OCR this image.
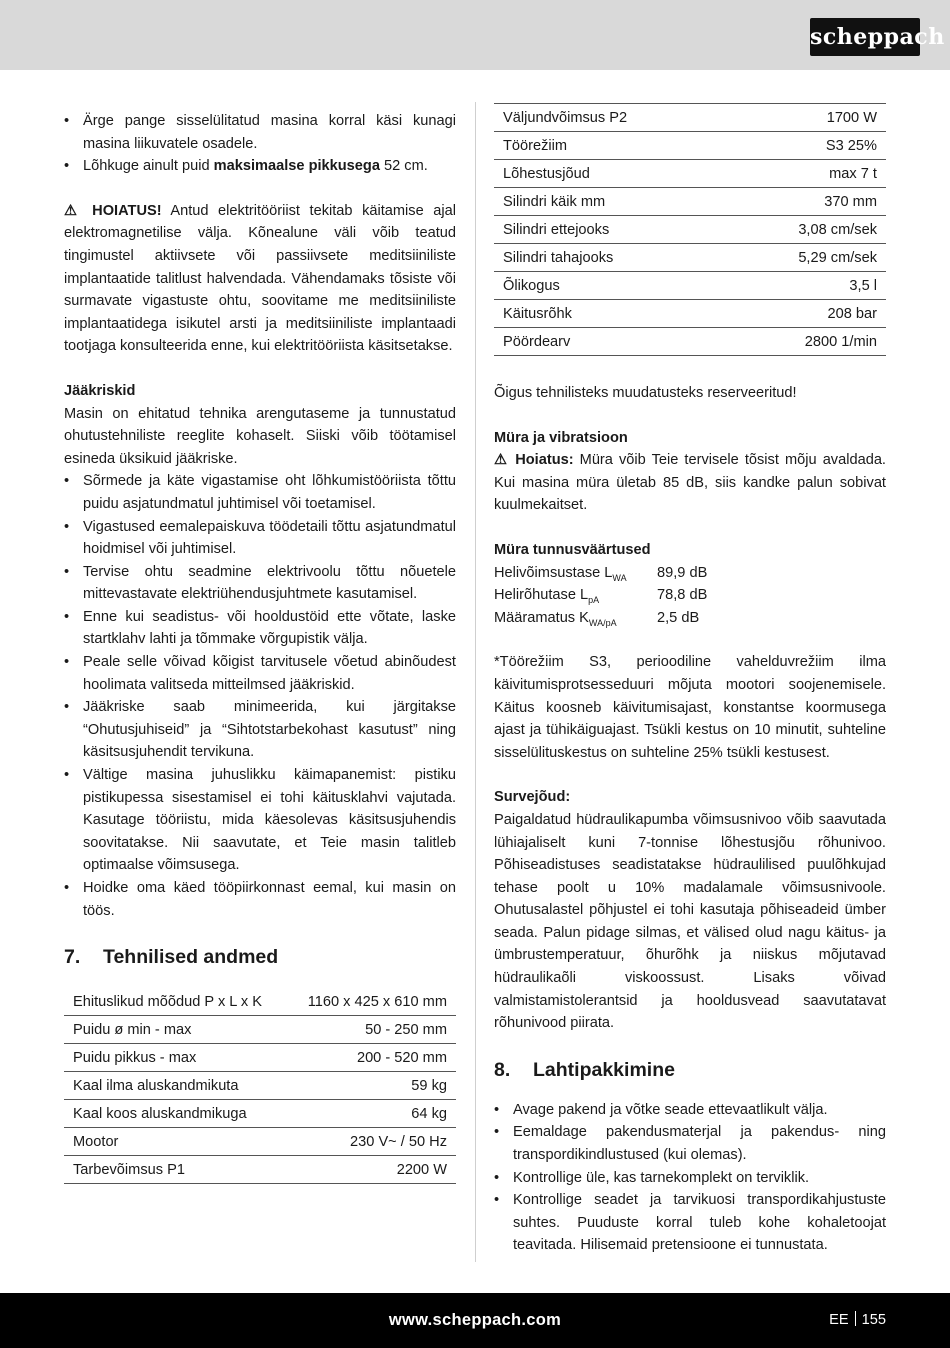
scheppach
• Ärge pange sisselülitatud masina korral käsi kunagi masina liikuvatele osadele.
• Lõhkuge ainult puid maksimaalse pikkusega 52 cm.

⚠ HOIATUS! Antud elektritööriist tekitab käitamise ajal elektromagnetilise välja. Kõnealune väli võib teatud tingimustel aktiivsete või passiivsete meditsiiniliste implantaatide talitlust halvendada. Vähendamaks tõsiste või surmavate vigastuste ohtu, soovitame me meditsiiniliste implantaatidega isikutel arsti ja meditsiiniliste implantaadi tootjaga konsulteerida enne, kui elektritööriista käsitsetakse.

Jääkriskid

Masin on ehitatud tehnika arengutaseme ja tunnustatud ohutustehniliste reeglite kohaselt. Siiski võib töötamisel esineda üksikuid jääkriske.

• Sõrmede ja käte vigastamise oht lõhkumistööriista tõttu puidu asjatundmatul juhtimisel või toetamisel.
• Vigastused eemalepaiskuva töödetaili tõttu asjatundmatul hoidmisel või juhtimisel.
• Tervise ohtu seadmine elektrivoolu tõttu nõuetele mittevastavate elektriühendusjuhtmete kasutamisel.
• Enne kui seadistus- või hooldustöid ette võtate, laske startklahv lahti ja tõmmake võrgupistik välja.
• Peale selle võivad kõigist tarvitusele võetud abinõudest hoolimata valitseda mitteilmsed jääkriskid.
• Jääkriske saab minimeerida, kui järgitakse “Ohutusjuhiseid” ja “Sihtotstarbekohast kasutust” ning käsitsusjuhendit tervikuna.
• Vältige masina juhuslikku käimapanemist: pistiku pistikupessa sisestamisel ei tohi käitusklahvi vajutada. Kasutage tööriistu, mida käesolevas käsitsusjuhendis soovitatakse. Nii saavutate, et Teie masin talitleb optimaalse võimsusega.
• Hoidke oma käed tööpiirkonnast eemal, kui masin on töös.
7. Tehnilised andmed
Ehituslikud mõõdud P x L x K	1160 x 425 x 610 mm
Puidu ø min - max	50 - 250 mm
Puidu pikkus - max	200 - 520 mm
Kaal ilma aluskandmikuta	59 kg
Kaal koos aluskandmikuga	64 kg
Mootor	230 V~ / 50 Hz
Tarbevõimsus P1	2200 W
Väljundvõimsus P2	1700 W
Töörežiim	S3 25%
Lõhestusjõud	max 7 t
Silindri käik mm	370 mm
Silindri ettejooks	3,08 cm/sek
Silindri tahajooks	5,29 cm/sek
Õlikogus	3,5 l
Käitusrõhk	208 bar
Pöördearv	2800 1/min

Õigus tehnilisteks muudatusteks reserveeritud!

Müra ja vibratsioon

⚠ Hoiatus: Müra võib Teie tervisele tõsist mõju avaldada. Kui masina müra ületab 85 dB, siis kandke palun sobivat kuulmekaitset.

Müra tunnusväärtused
Helivõimsustase $L_{WA}$	89,9 dB
Helirõhutase $L_{pA}$	78,8 dB
Määramatus $K_{WA/pA}$	2,5 dB

*Töörežiim S3, perioodiline vahelduvrežiim ilma käivitumisprotsesseduuri mõjuta mootori soojenemisele. Käitus koosneb käivitumisajast, konstantse koormusega ajast ja tühikäiguajast. Tsükli kestus on 10 minutit, suhteline sisselülituskestus on suhteline 25% tsükli kestusest.

Survejõud:

Paigaldatud hüdraulikapumba võimsusnivoo võib saavutada lühiajaliselt kuni 7-tonnise lõhestusjõu rõhunivoo. Põhiseadistuses seadistatakse hüdraulilised puulõhkujad tehase poolt u 10% madalamale võimsusnivoole. Ohutusalastel põhjustel ei tohi kasutaja põhiseadeid ümber seada. Palun pidage silmas, et välised olud nagu käitus- ja ümbrustemperatuur, õhurõhk ja niiskus mõjutavad hüdraulikaõli viskoossust. Lisaks võivad valmistamistolerantsid ja hooldusvead saavutatavat rõhunivood piirata.

8. Lahtipakkimine
• Avage pakend ja võtke seade ettevaatlikult välja.
• Eemaldage pakendusmaterjal ja pakendus- ning transpordikindlustused (kui olemas).
• Kontrollige üle, kas tarnekomplekt on terviklik.
• Kontrollige seadet ja tarvikuosi transpordikahjustuste suhtes. Puuduste korral tuleb kohe kohaletoojat teavitada. Hilisemaid pretensioone ei tunnustata.
www.scheppach.com	EE 155
